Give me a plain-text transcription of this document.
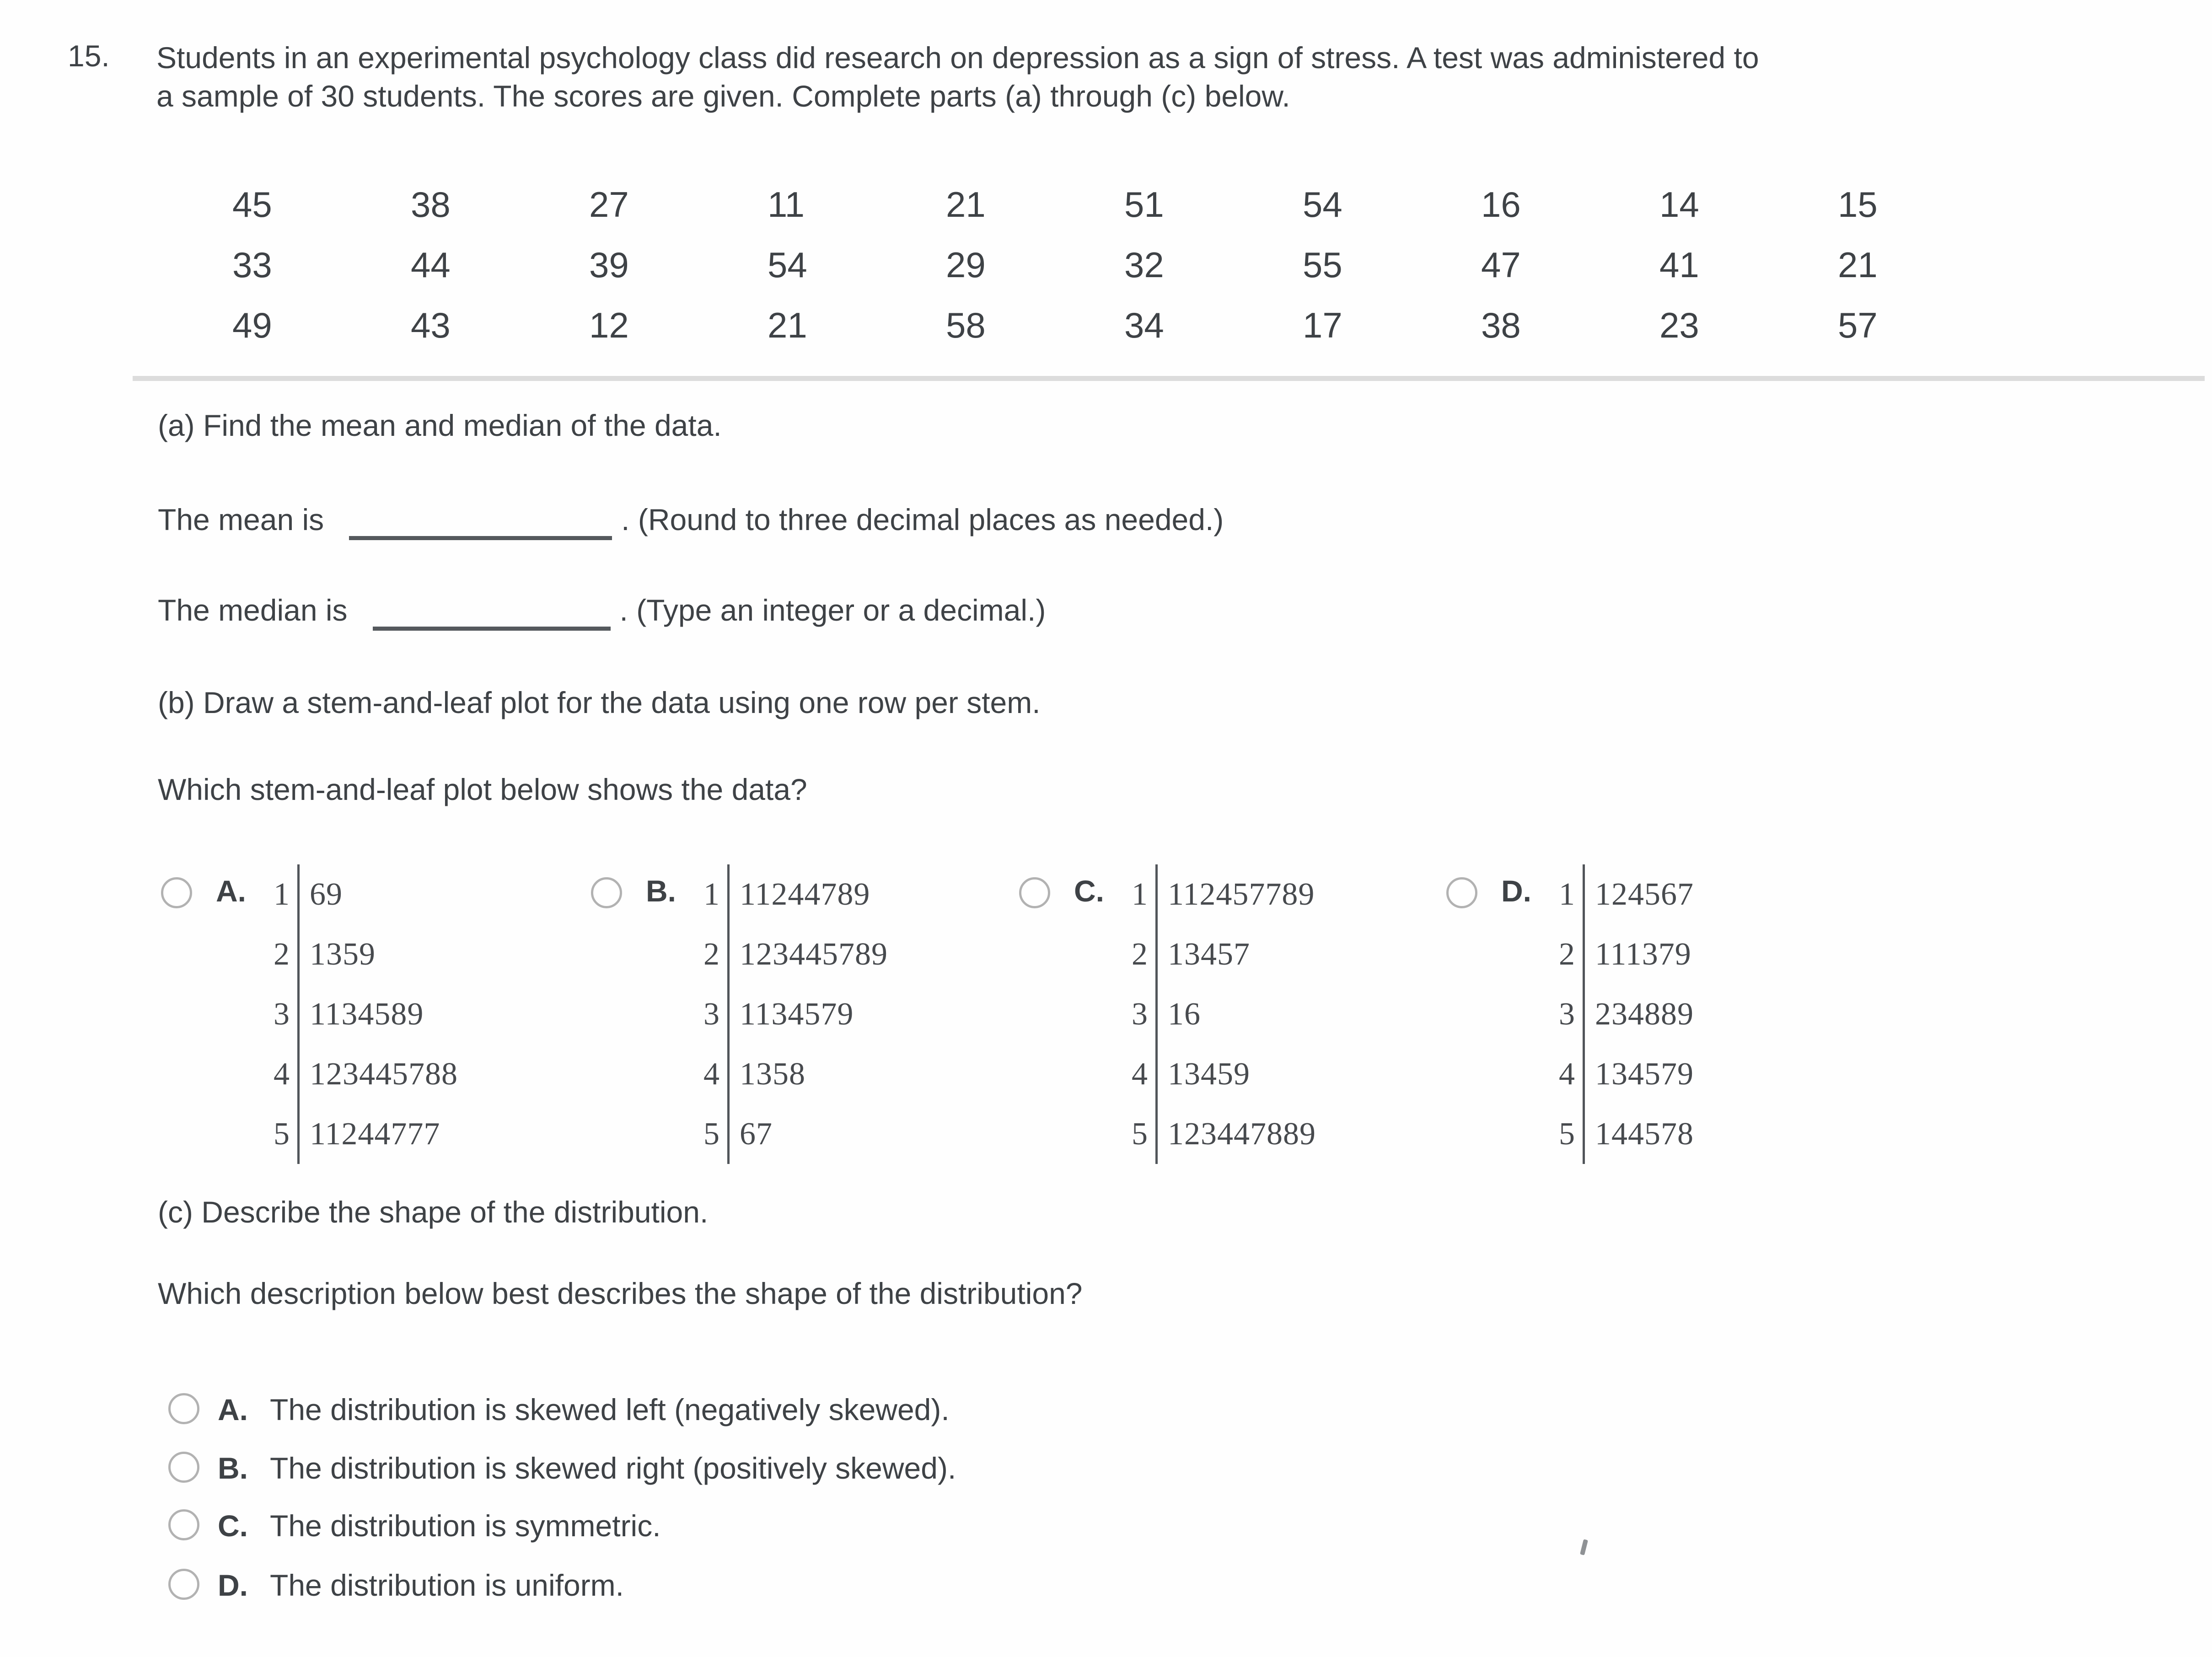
15. Students in an experimental psychology class did research on depression as a sign of stress. A test was administered to
a sample of 30 students. The scores are given. Complete parts (a) through (c) below.
45	38	27	11	21	51	54	16	14	15
33	44	39	54	29	32	55	47	41	21
49	43	12	21	58	34	17	38	23	57
(a) Find the mean and median of the data.
The mean is	. (Round to three decimal places as needed.)
The median is	. (Type an integer or a decimal.)
(b) Draw a stem-and-leaf plot for the data using one row per stem.
Which stem-and-leaf plot below shows the data?
A. 1 69
2 1359
3 1134589
4 123445788
5 11244777
B. 1 11244789
2 123445789
3 1134579
4 1358
5 67
C. 1 112457789
2 13457
3 16
4 13459
5 123447889
D. 1 124567
2 111379
3 234889
4 134579
5 144578
(c) Describe the shape of the distribution.
Which description below best describes the shape of the distribution?
A. The distribution is skewed left (negatively skewed).
B. The distribution is skewed right (positively skewed).
C. The distribution is symmetric.
D. The distribution is uniform.
